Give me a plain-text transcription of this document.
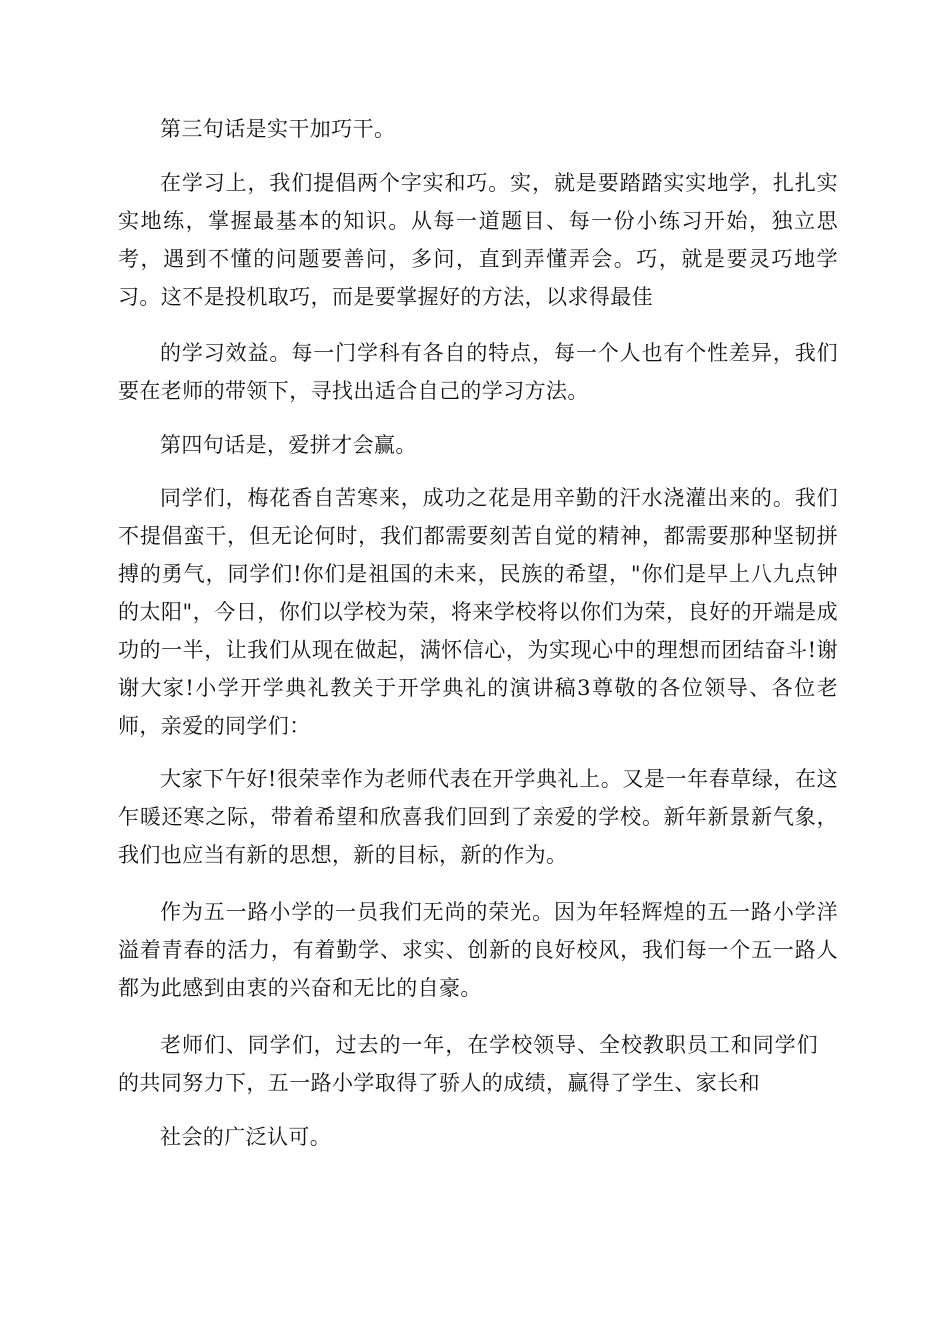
第三句话是实干加巧干。

在学习上，我们提倡两个字实和巧。实，就是要踏踏实实地学，扎扎实实地练，掌握最基本的知识。从每一道题目、每一份小练习开始，独立思考，遇到不懂的问题要善问，多问，直到弄懂弄会。巧，就是要灵巧地学习。这不是投机取巧，而是要掌握好的方法，以求得最佳

的学习效益。每一门学科有各自的特点，每一个人也有个性差异，我们要在老师的带领下，寻找出适合自己的学习方法。

第四句话是，爱拼才会赢。

同学们，梅花香自苦寒来，成功之花是用辛勤的汗水浇灌出来的。我们不提倡蛮干，但无论何时，我们都需要刻苦自觉的精神，都需要那种坚韧拼搏的勇气，同学们!你们是祖国的未来，民族的希望，"你们是早上八九点钟的太阳"，今日，你们以学校为荣，将来学校将以你们为荣，良好的开端是成功的一半，让我们从现在做起，满怀信心，为实现心中的理想而团结奋斗!谢谢大家!小学开学典礼教关于开学典礼的演讲稿3尊敬的各位领导、各位老师，亲爱的同学们：

大家下午好!很荣幸作为老师代表在开学典礼上。又是一年春草绿，在这乍暖还寒之际，带着希望和欣喜我们回到了亲爱的学校。新年新景新气象，我们也应当有新的思想，新的目标，新的作为。

作为五一路小学的一员我们无尚的荣光。因为年轻辉煌的五一路小学洋溢着青春的活力，有着勤学、求实、创新的良好校风，我们每一个五一路人都为此感到由衷的兴奋和无比的自豪。

老师们、同学们，过去的一年，在学校领导、全校教职员工和同学们的共同努力下，五一路小学取得了骄人的成绩，赢得了学生、家长和

社会的广泛认可。
